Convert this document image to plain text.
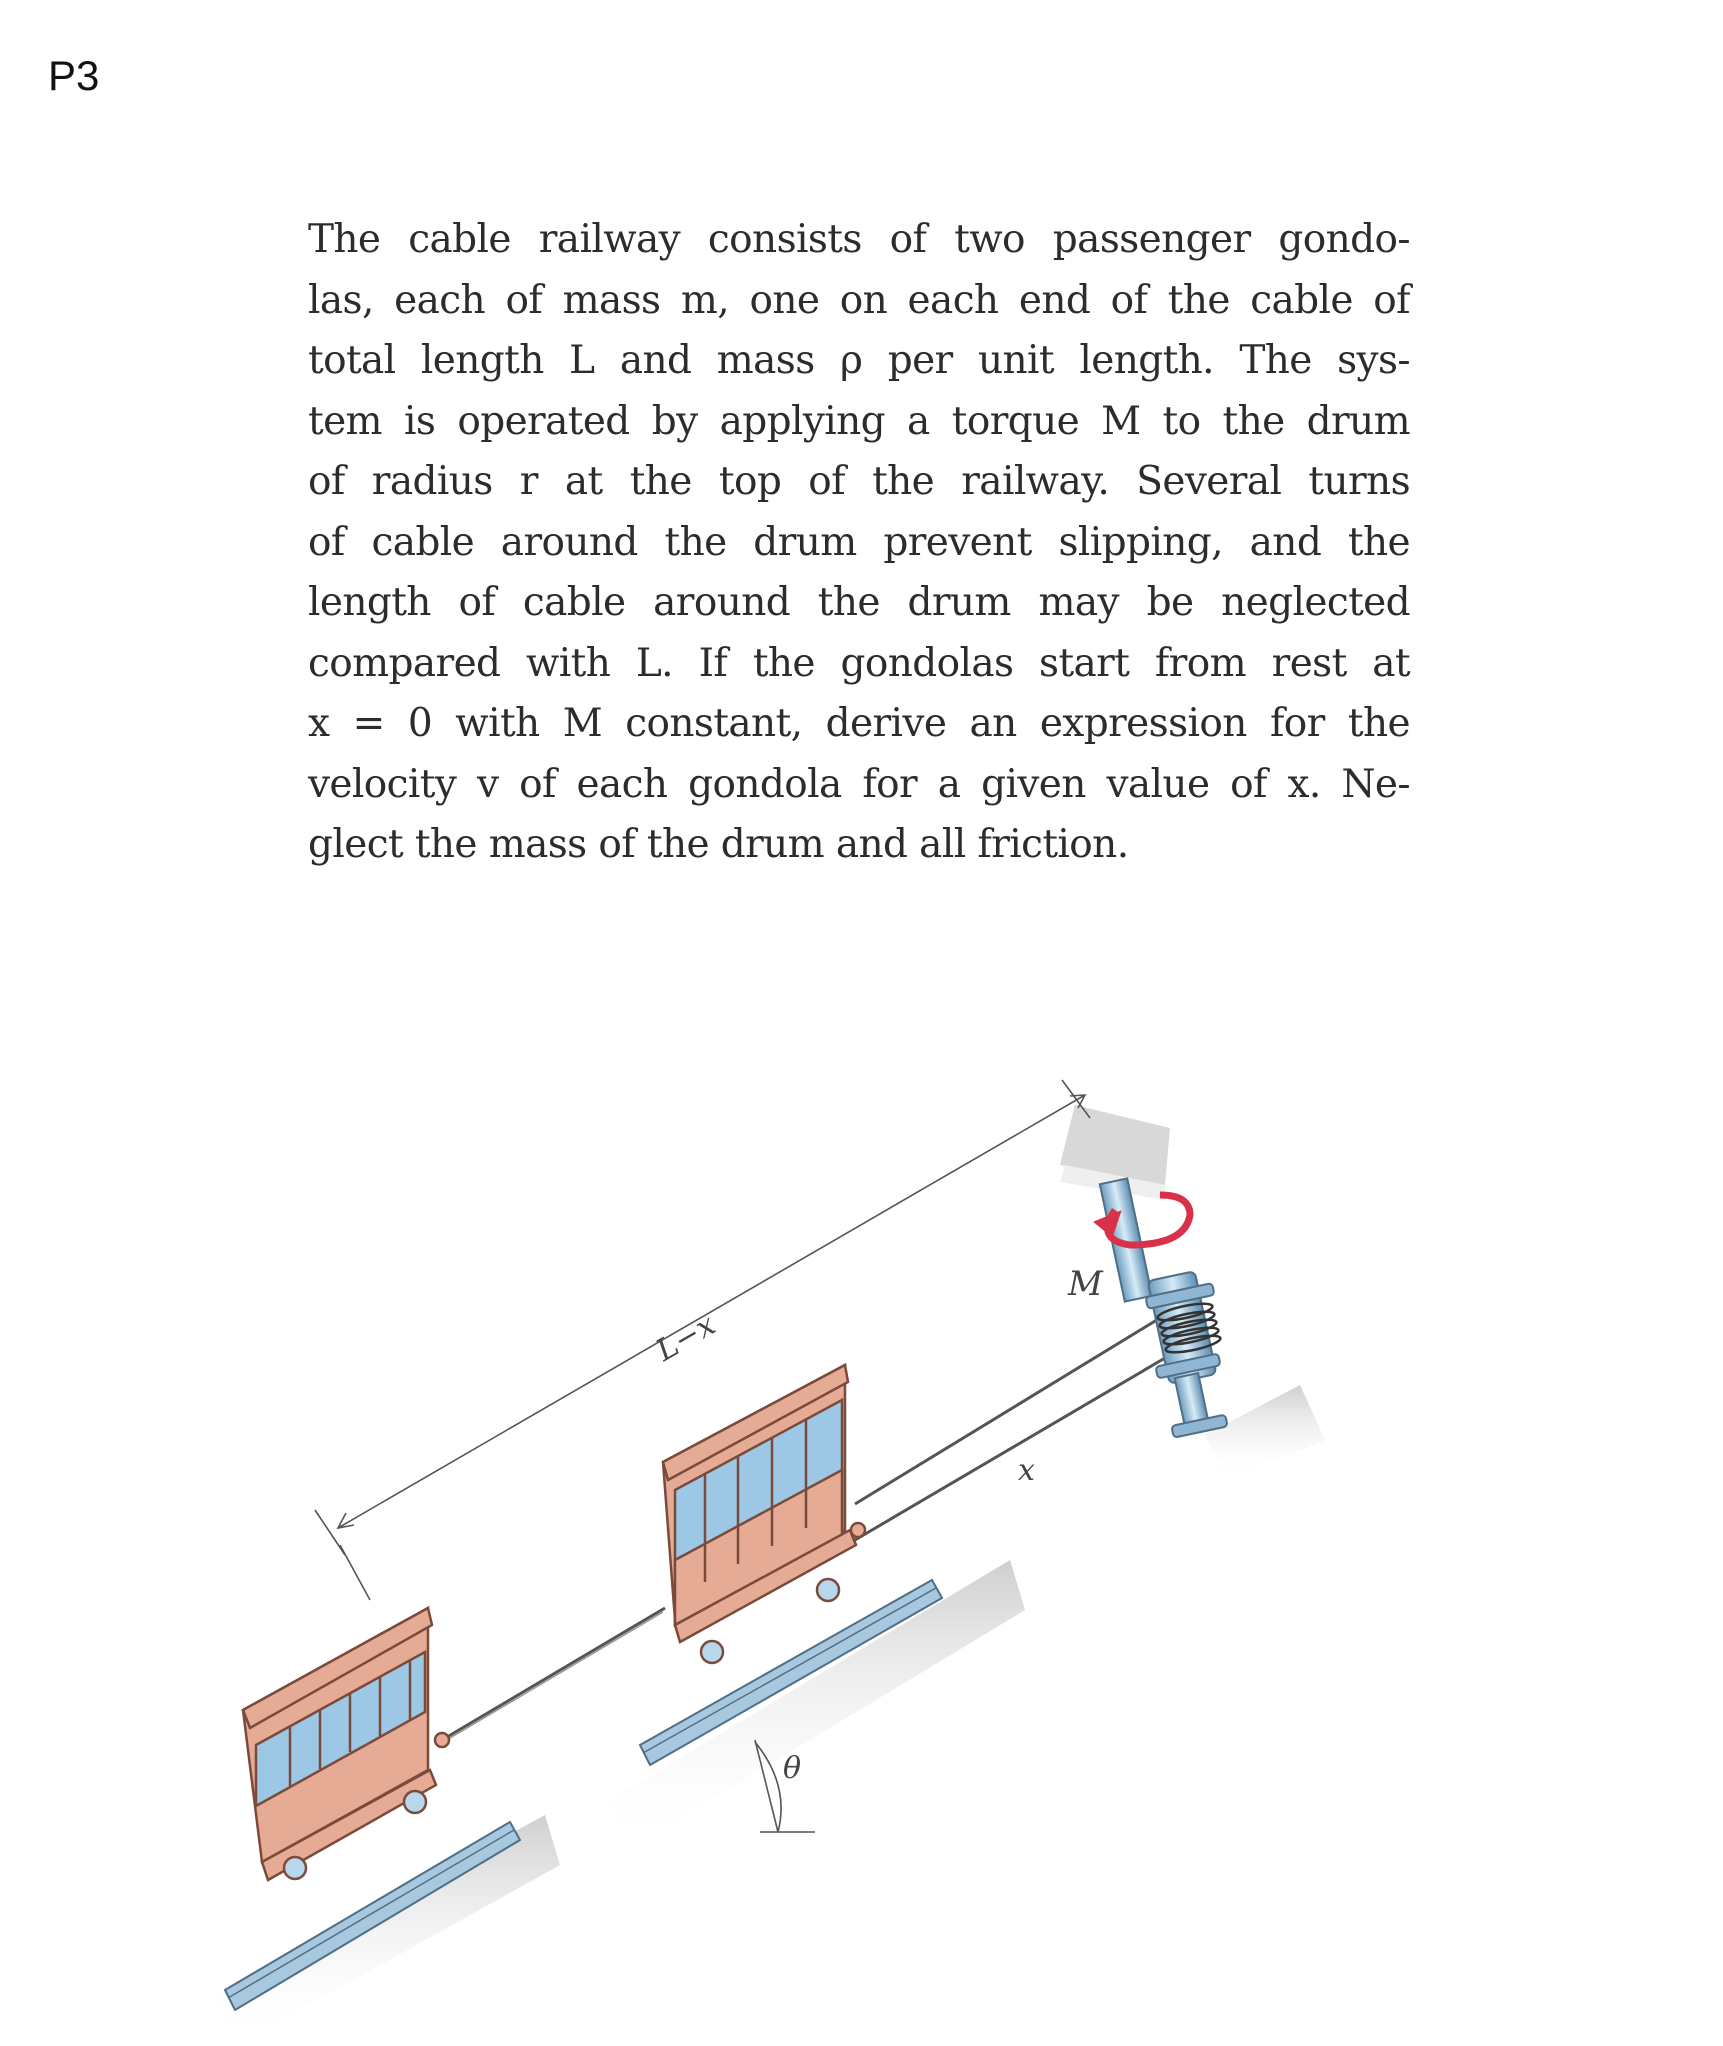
P3
The cable railway consists of two passenger gondo-
las, each of mass m, one on each end of the cable of
total length L and mass ρ per unit length. The sys-
tem is operated by applying a torque M to the drum
of radius r at the top of the railway. Several turns
of cable around the drum prevent slipping, and the
length of cable around the drum may be neglected
compared with L. If the gondolas start from rest at
x = 0 with M constant, derive an expression for the
velocity v of each gondola for a given value of x. Ne-
glect the mass of the drum and all friction.
L−x
x
θ
M
